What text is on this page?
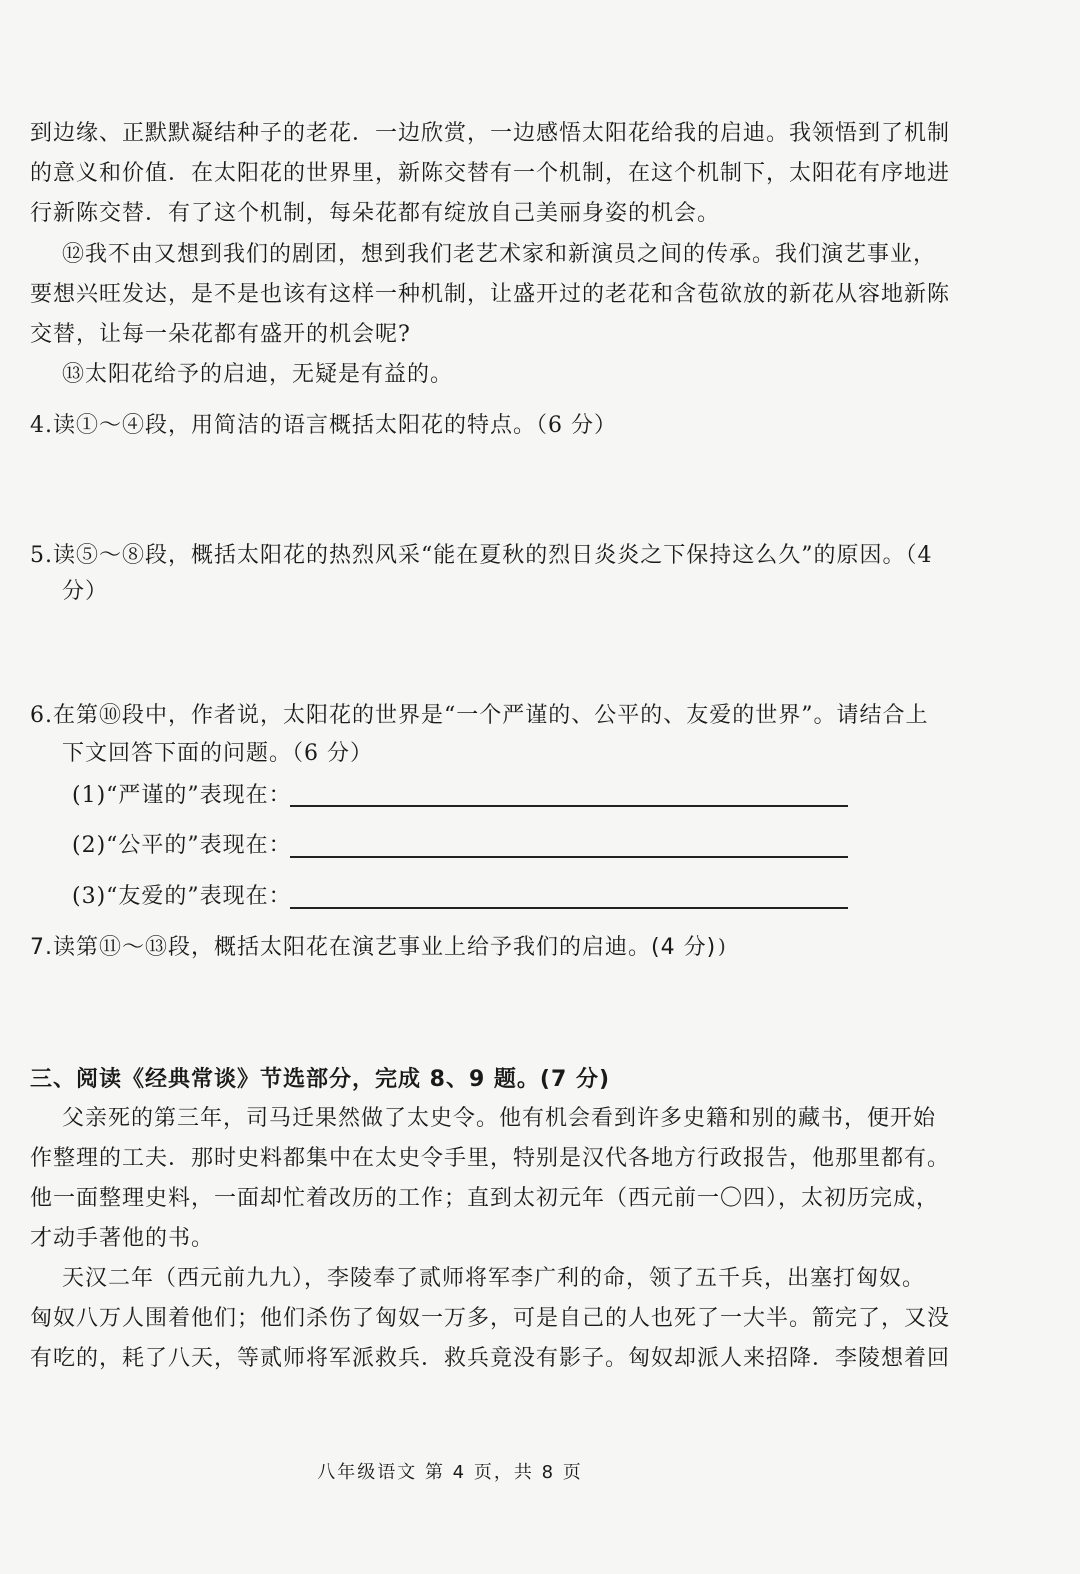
到边缘、正默默凝结种子的老花．一边欣赏，一边感悟太阳花给我的启迪。我领悟到了机制
的意义和价值．在太阳花的世界里，新陈交替有一个机制，在这个机制下，太阳花有序地进
行新陈交替．有了这个机制，每朵花都有绽放自己美丽身姿的机会。
⑫我不由又想到我们的剧团，想到我们老艺术家和新演员之间的传承。我们演艺事业，
要想兴旺发达，是不是也该有这样一种机制，让盛开过的老花和含苞欲放的新花从容地新陈
交替，让每一朵花都有盛开的机会呢?
⑬太阳花给予的启迪，无疑是有益的。
4.读①～④段，用简洁的语言概括太阳花的特点。（6 分）
5.读⑤～⑧段，概括太阳花的热烈风采“能在夏秋的烈日炎炎之下保持这么久”的原因。（4
分）
6.在第⑩段中，作者说，太阳花的世界是“一个严谨的、公平的、友爱的世界”。请结合上
下文回答下面的问题。（6 分）
(1)“严谨的”表现在：
(2)“公平的”表现在：
(3)“友爱的”表现在：
7.读第⑪～⑬段，概括太阳花在演艺事业上给予我们的启迪。(4 分) )
三、阅读《经典常谈》节选部分，完成 8、9 题。(7 分)
父亲死的第三年，司马迁果然做了太史令。他有机会看到许多史籍和别的藏书，便开始
作整理的工夫．那时史料都集中在太史令手里，特别是汉代各地方行政报告，他那里都有。
他一面整理史料，一面却忙着改历的工作；直到太初元年（西元前一〇四），太初历完成，
才动手著他的书。
天汉二年（西元前九九），李陵奉了贰师将军李广利的命，领了五千兵，出塞打匈奴。
匈奴八万人围着他们；他们杀伤了匈奴一万多，可是自己的人也死了一大半。箭完了，又没
有吃的，耗了八天，等贰师将军派救兵．救兵竟没有影子。匈奴却派人来招降．李陵想着回
八年级语文 第 4 页，共 8 页
